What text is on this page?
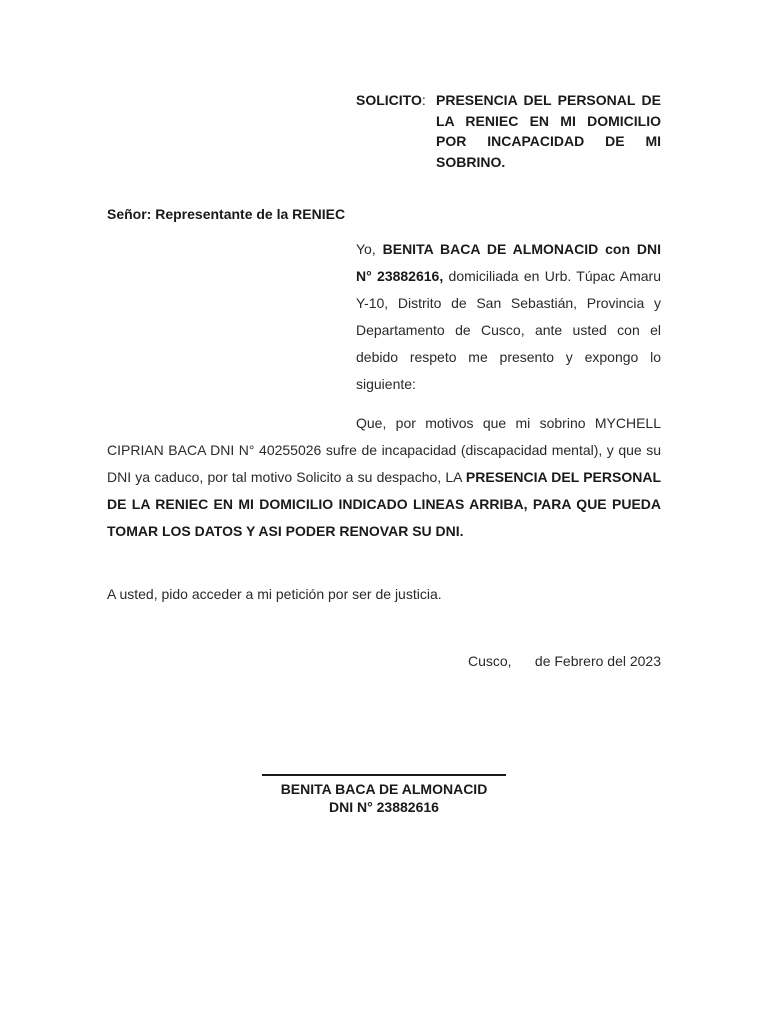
SOLICITO: PRESENCIA DEL PERSONAL DE LA RENIEC EN MI DOMICILIO POR INCAPACIDAD DE MI SOBRINO.
Señor: Representante de la RENIEC
Yo, BENITA BACA DE ALMONACID con DNI N° 23882616, domiciliada en Urb. Túpac Amaru Y-10, Distrito de San Sebastián, Provincia y Departamento de Cusco, ante usted con el debido respeto me presento y expongo lo siguiente:
Que, por motivos que mi sobrino MYCHELL CIPRIAN BACA DNI N° 40255026 sufre de incapacidad (discapacidad mental), y que su DNI ya caduco, por tal motivo Solicito a su despacho, LA PRESENCIA DEL PERSONAL DE LA RENIEC EN MI DOMICILIO INDICADO LINEAS ARRIBA, PARA QUE PUEDA TOMAR LOS DATOS Y ASI PODER RENOVAR SU DNI.
A usted, pido acceder a mi petición por ser de justicia.
Cusco, de Febrero del 2023
BENITA BACA DE ALMONACID
DNI N° 23882616
